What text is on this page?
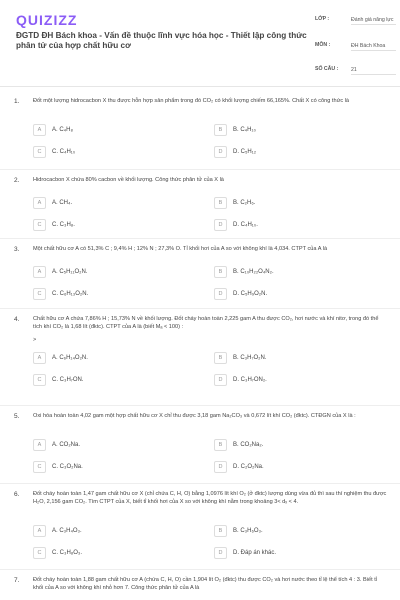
QUIZIZZ
ĐGTD ĐH Bách khoa - Vấn đề thuộc lĩnh vực hóa học - Thiết lập công thức phân tử của hợp chất hữu cơ
LỚP :	Đánh giá năng lực
MÔN :	ĐH Bách Khoa
SỐ CÂU :	21
1. Đốt một lượng hidrocacbon X thu được hỗn hợp sản phẩm trong đó CO₂ có khối lượng chiếm 66,165%. Chất X có công thức là
A	A. C₄H₈	B	B. C₄H₁₀
C	C. C₄H₁₀	D	D. C₅H₁₂
2. Hidrocacbon X chứa 80% cacbon về khối lượng. Công thức phân tử của X là
A	A. CH₄.	B	B. C₂H₆.
C	C. C₃H₈.	D	D. C₄H₁₀.
3. Một chất hữu cơ A có 51,3% C ; 9,4% H ; 12% N ; 27,3% O. Tỉ khối hơi của A so với không khí là 4,034. CTPT của A là
A	A. C₅H₁₁O₂N.	B	B. C₁₀H₂₂O₄N₂.
C	C. C₆H₁₃O₂N.	D	D. C₅H₉O₂N.
4. Chất hữu cơ A chứa 7,86% H ; 15,73% N về khối lượng. Đốt cháy hoàn toàn 2,225 gam A thu được CO₂, hơi nước và khí nitơ, trong đó thể tích khí CO₂ là 1,68 lít (đktc). CTPT của A là (biết Mₐ < 100) :
>
A	A. C₆H₁₄O₂N.	B	B. C₃H₇O₂N.
C	C. C₃H₇ON.	D	D. C₃H₇ON₂.
5. Oxi hóa hoàn toàn 4,02 gam một hợp chất hữu cơ X chỉ thu được 3,18 gam Na₂CO₃ và 0,672 lít khí CO₂ (đktc). CTĐGN của X là :
A	A. CO₂Na.	B	B. CO₂Na₂.
C	C. C₃O₂Na.	D	D. C₂O₂Na.
6. Đốt cháy hoàn toàn 1,47 gam chất hữu cơ X (chỉ chứa C, H, O) bằng 1,0976 lít khí O₂ (ở đktc) lượng dùng vừa đủ thì sau thí nghiệm thu được H₂O, 2,156 gam CO₂. Tìm CTPT của X, biết tỉ khối hơi của X so với không khí nằm trong khoảng 3< dₓ < 4.
A	A. C₃H₄O₃.	B	B. C₃H₆O₃.
C	C. C₃H₈O₃.	D	D. Đáp án khác.
7. Đốt cháy hoàn toàn 1,88 gam chất hữu cơ A (chứa C, H, O) cần 1,904 lít O₂ (đktc) thu được CO₂ và hơi nước theo tỉ lệ thể tích 4 : 3. Biết tỉ khối của A so với không khí nhỏ hơn 7. Công thức phân tử của A là
